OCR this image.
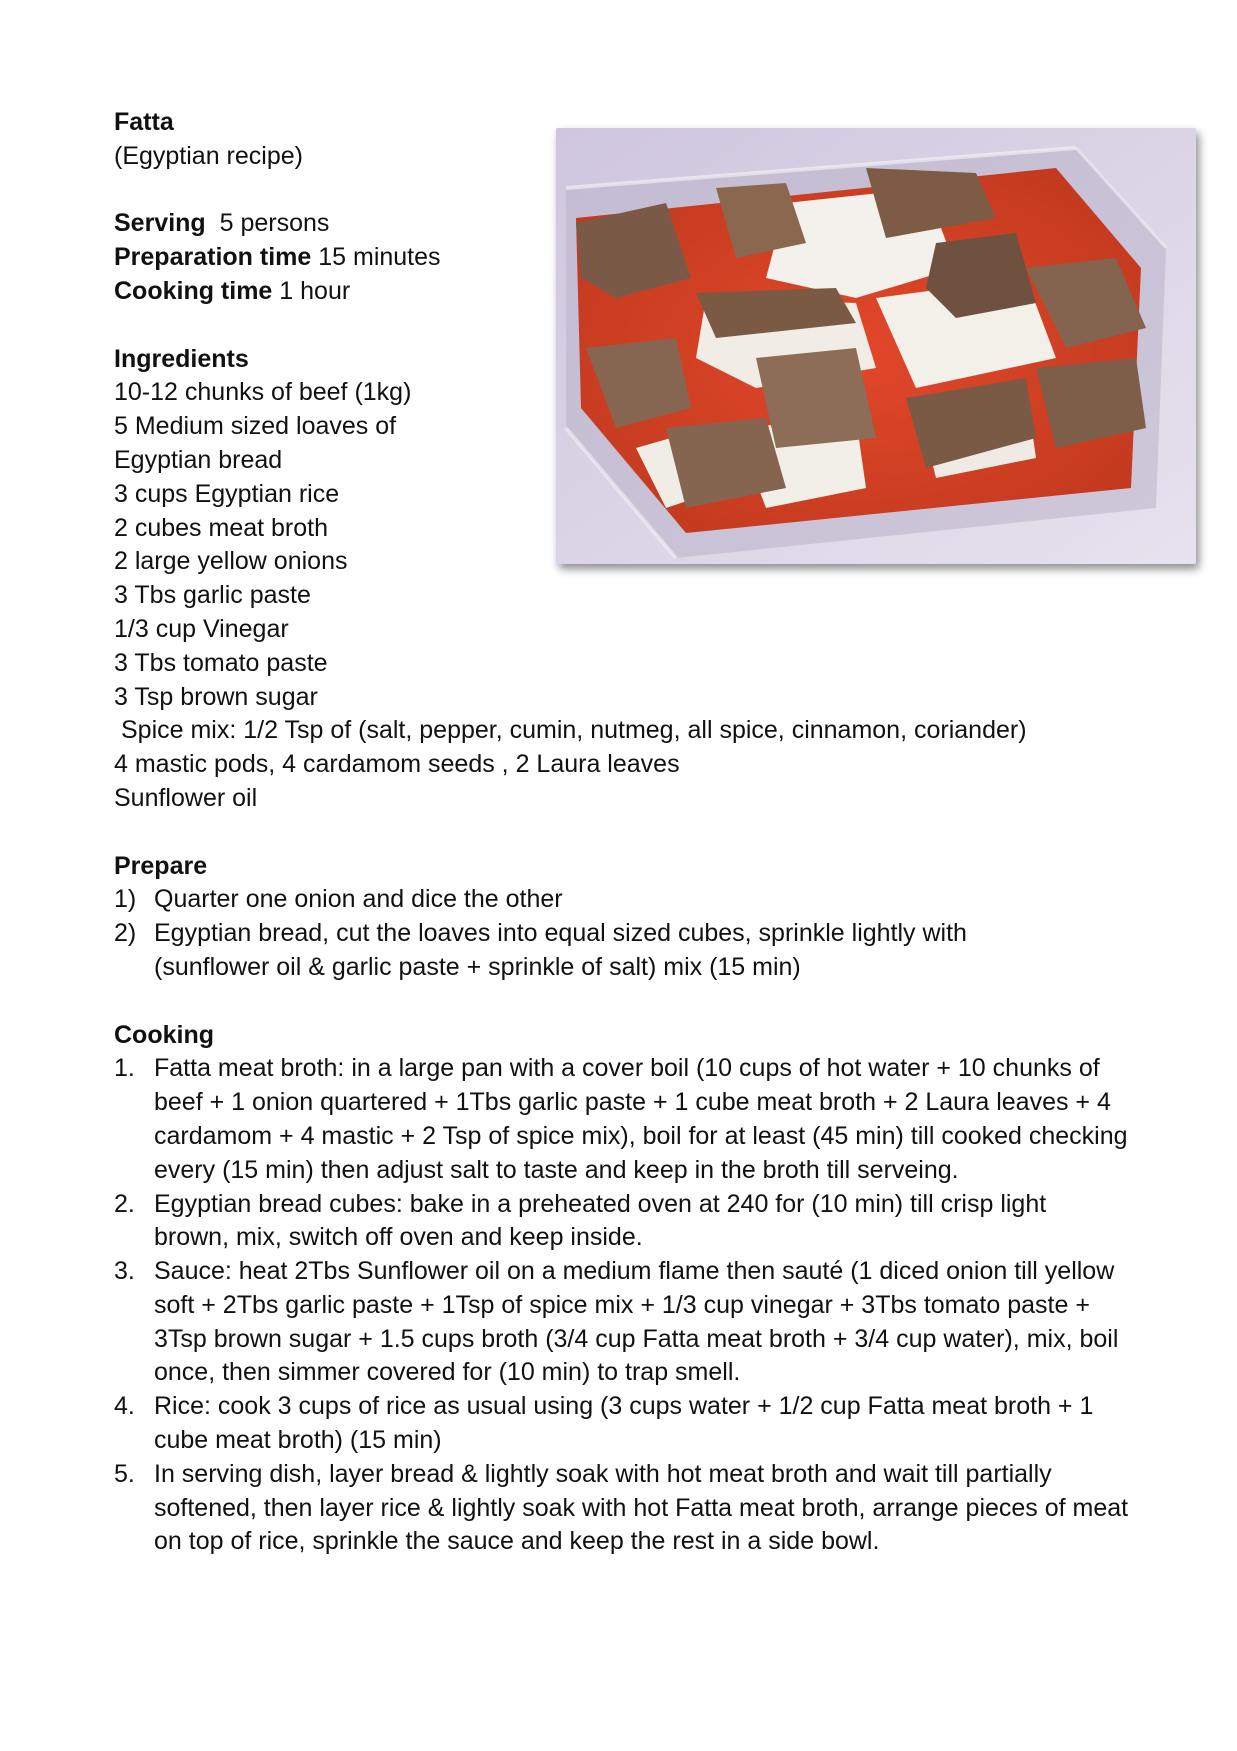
Fatta
(Egyptian recipe)
Serving 5 persons
Preparation time 15 minutes
Cooking time 1 hour
Ingredients
10-12 chunks of beef (1kg)
5 Medium sized loaves of
Egyptian bread
3 cups Egyptian rice
2 cubes meat broth
2 large yellow onions
3 Tbs garlic paste
1/3 cup Vinegar
3 Tbs tomato paste
3 Tsp brown sugar
Spice mix: 1/2 Tsp of (salt, pepper, cumin, nutmeg, all spice, cinnamon, coriander)
4 mastic pods, 4 cardamom seeds , 2 Laura leaves
Sunflower oil
Prepare
1) Quarter one onion and dice the other
2) Egyptian bread, cut the loaves into equal sized cubes, sprinkle lightly with (sunflower oil & garlic paste + sprinkle of salt) mix (15 min)
Cooking
1. Fatta meat broth: in a large pan with a cover boil (10 cups of hot water + 10 chunks of beef + 1 onion quartered + 1Tbs garlic paste + 1 cube meat broth + 2 Laura leaves + 4 cardamom + 4 mastic + 2 Tsp of spice mix), boil for at least (45 min) till cooked checking every (15 min) then adjust salt to taste and keep in the broth till serveing.
2. Egyptian bread cubes: bake in a preheated oven at 240 for (10 min) till crisp light brown, mix, switch off oven and keep inside.
3. Sauce: heat 2Tbs Sunflower oil on a medium flame then sauté (1 diced onion till yellow soft + 2Tbs garlic paste + 1Tsp of spice mix + 1/3 cup vinegar + 3Tbs tomato paste + 3Tsp brown sugar + 1.5 cups broth (3/4 cup Fatta meat broth + 3/4 cup water), mix, boil once, then simmer covered for (10 min) to trap smell.
4. Rice: cook 3 cups of rice as usual using (3 cups water + 1/2 cup Fatta meat broth + 1 cube meat broth) (15 min)
5. In serving dish, layer bread & lightly soak with hot meat broth and wait till partially softened, then layer rice & lightly soak with hot Fatta meat broth, arrange pieces of meat on top of rice, sprinkle the sauce and keep the rest in a side bowl.
